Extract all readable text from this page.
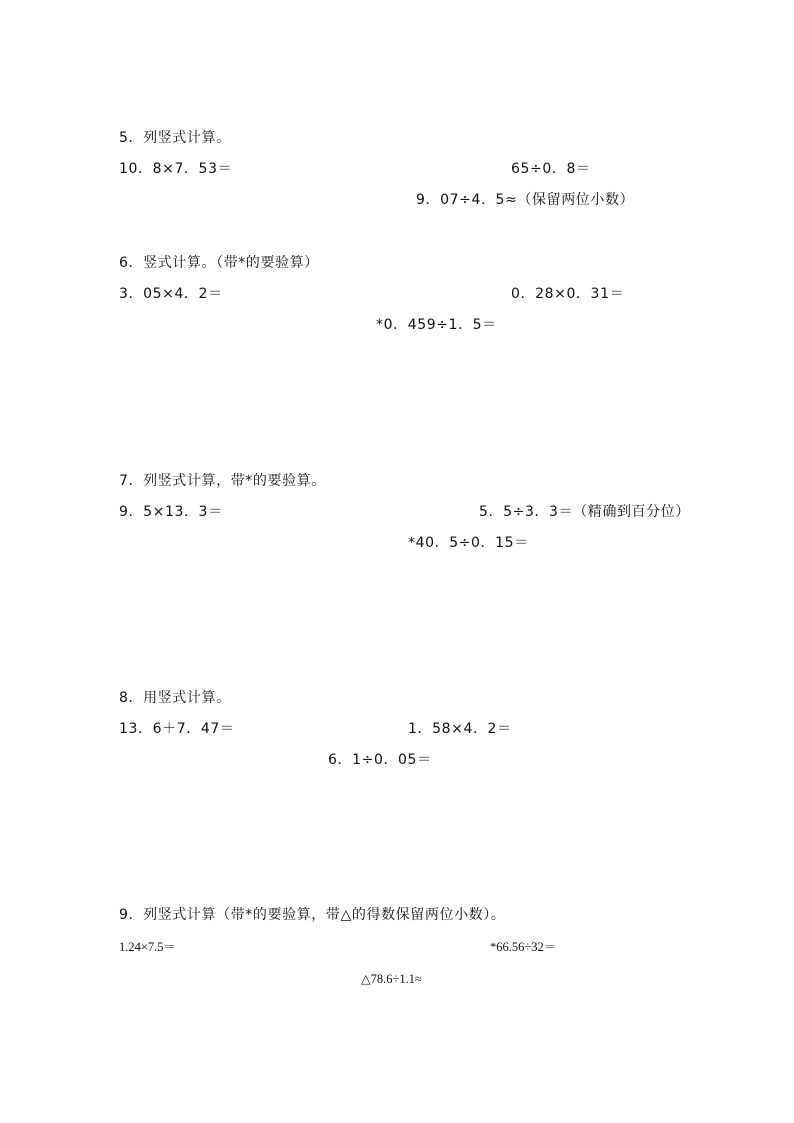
5．列竖式计算。
10．8×7．53＝	65÷0．8＝
9．07÷4．5≈（保留两位小数）
6．竖式计算。（带*的要验算）
3．05×4．2＝	0．28×0．31＝
*0．459÷1．5＝
7．列竖式计算，带*的要验算。
9．5×13．3＝	5．5÷3．3＝（精确到百分位）
*40．5÷0．15＝
8．用竖式计算。
13．6＋7．47＝	1．58×4．2＝
6．1÷0．05＝
9．列竖式计算（带*的要验算，带△的得数保留两位小数）。
1.24×7.5＝	*66.56÷32＝
△78.6÷1.1≈
